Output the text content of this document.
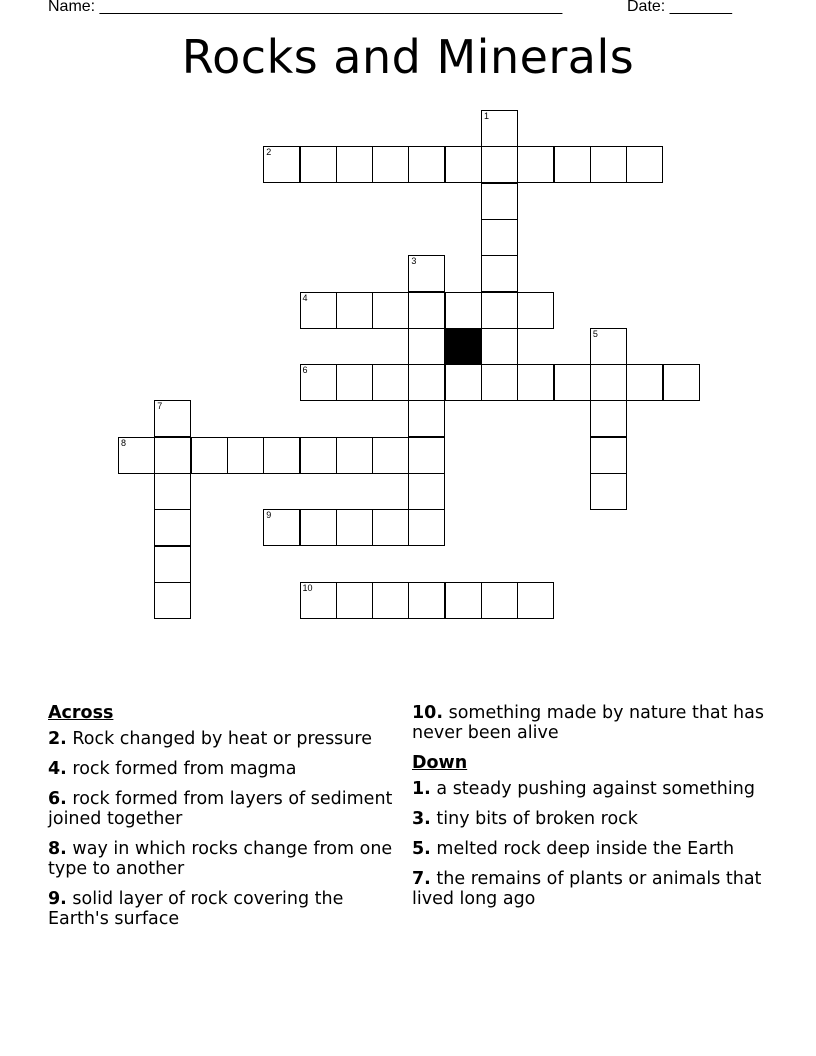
Name: ____________________________________________________	Date: _______
Rocks and Minerals
1
2
3
4
5
6
7
8
9
10
Across
2. Rock changed by heat or pressure
4. rock formed from magma
6. rock formed from layers of sediment joined together
8. way in which rocks change from one type to another
9. solid layer of rock covering the Earth's surface
10. something made by nature that has never been alive
Down
1. a steady pushing against something
3. tiny bits of broken rock
5. melted rock deep inside the Earth
7. the remains of plants or animals that lived long ago
